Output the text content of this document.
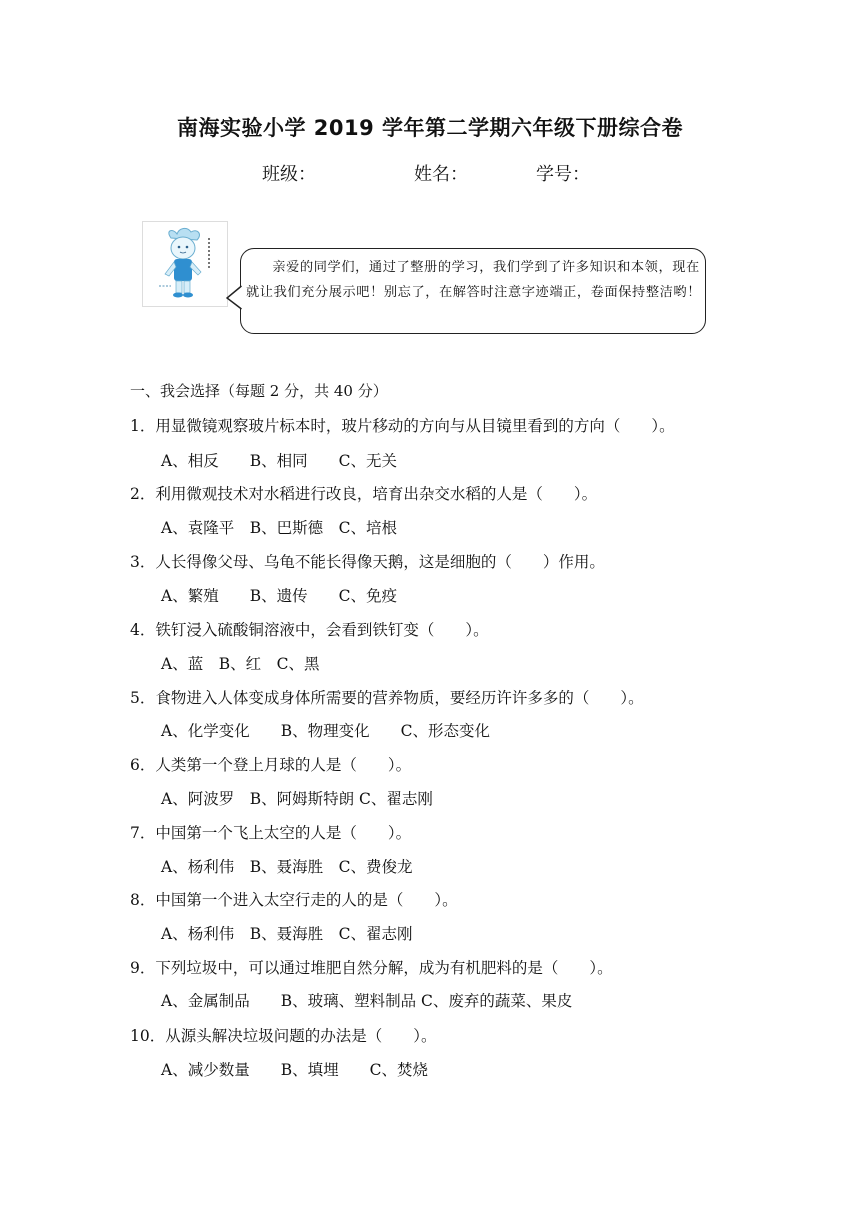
南海实验小学 2019 学年第二学期六年级下册综合卷
班级：	姓名：	学号：
亲爱的同学们，通过了整册的学习，我们学到了许多知识和本领，现在就让我们充分展示吧！别忘了，在解答时注意字迹端正，卷面保持整洁哟！
一、我会选择（每题 2 分，共 40 分）
1．用显微镜观察玻片标本时，玻片移动的方向与从目镜里看到的方向（　　）。
A、相反　　B、相同　　C、无关
2．利用微观技术对水稻进行改良，培育出杂交水稻的人是（　　）。
A、袁隆平　B、巴斯德　C、培根
3．人长得像父母、乌龟不能长得像天鹅，这是细胞的（　　）作用。
A、繁殖　　B、遗传　　C、免疫
4．铁钉浸入硫酸铜溶液中，会看到铁钉变（　　）。
A、蓝　B、红　C、黑
5．食物进入人体变成身体所需要的营养物质，要经历许许多多的（　　）。
A、化学变化　　B、物理变化　　C、形态变化
6．人类第一个登上月球的人是（　　）。
A、阿波罗　B、阿姆斯特朗 C、翟志刚
7．中国第一个飞上太空的人是（　　）。
A、杨利伟　B、聂海胜　C、费俊龙
8．中国第一个进入太空行走的人的是（　　）。
A、杨利伟　B、聂海胜　C、翟志刚
9．下列垃圾中，可以通过堆肥自然分解，成为有机肥料的是（　　）。
A、金属制品　　B、玻璃、塑料制品 C、废弃的蔬菜、果皮
10．从源头解决垃圾问题的办法是（　　）。
A、减少数量　　B、填埋　　C、焚烧
